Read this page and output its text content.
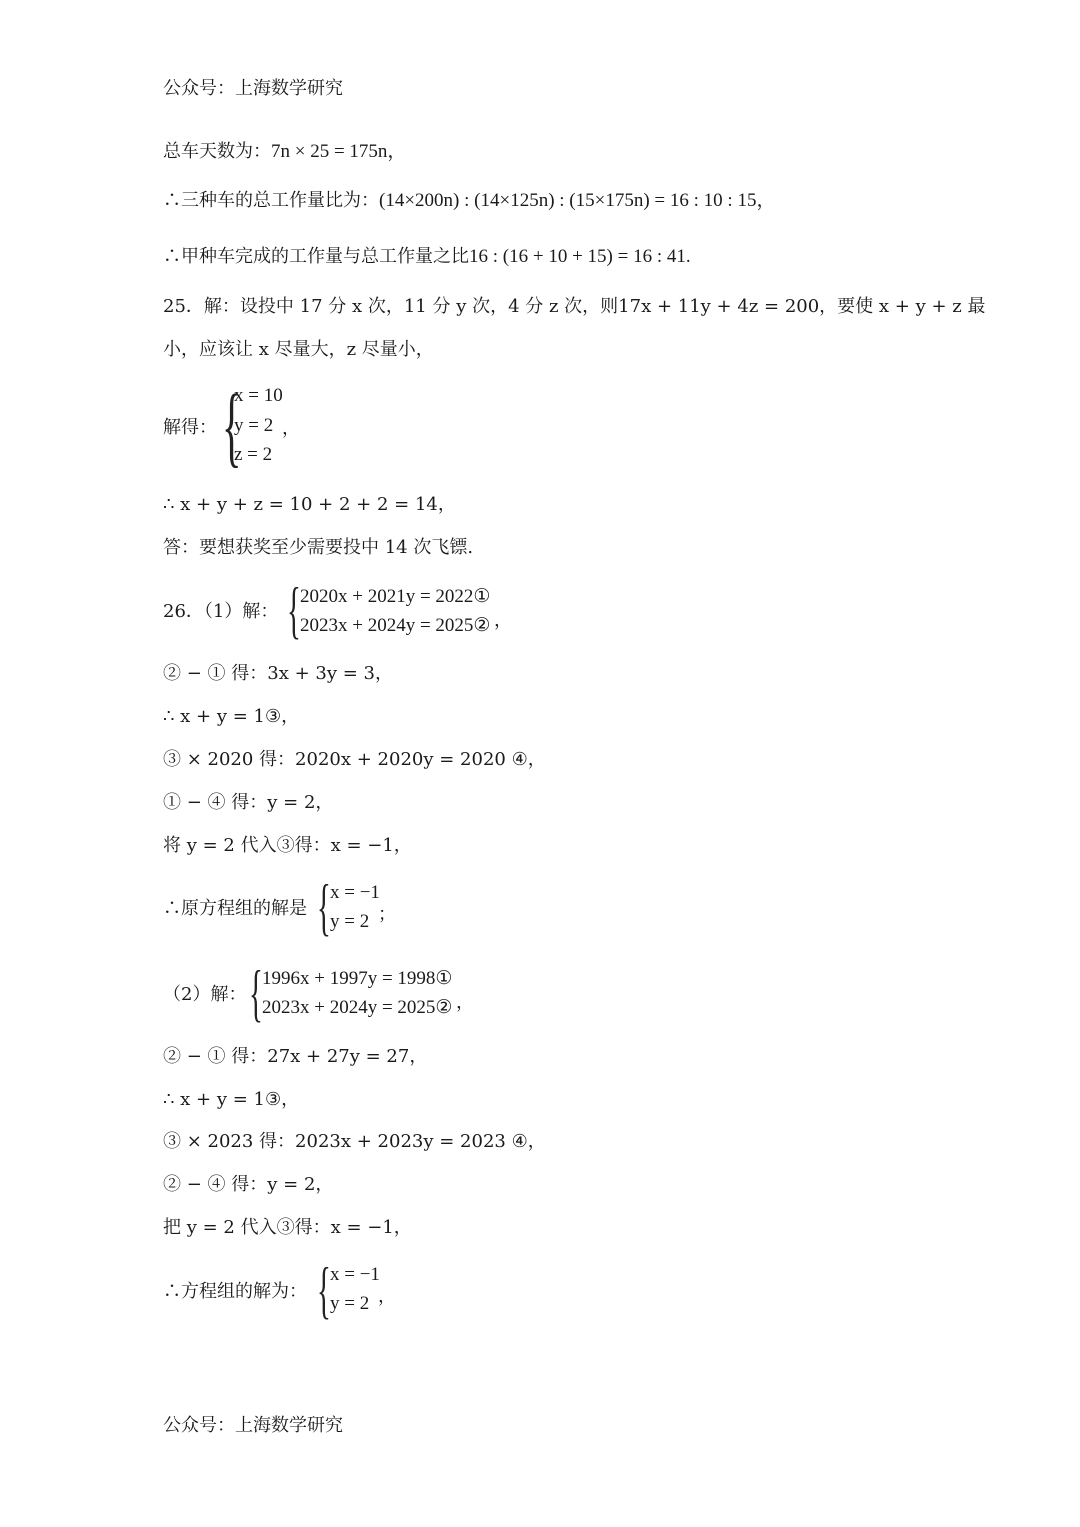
公众号：上海数学研究
总车天数为：7n × 25 = 175n，
∴三种车的总工作量比为：(14×200n) : (14×125n) : (15×175n) = 16 : 10 : 15，
∴甲种车完成的工作量与总工作量之比16 : (16 + 10 + 15) = 16 : 41.
25．解：设投中 17 分 x 次，11 分 y 次，4 分 z 次，则17x + 11y + 4z = 200，要使 x + y + z 最
小，应该让 x 尽量大，z 尽量小，
解得： {
x = 10
y = 2
z = 2
，
∴ x + y + z = 10 + 2 + 2 = 14，
答：要想获奖至少需要投中 14 次飞镖.
26．（1）解： { 2020x + 2021y = 2022①
2023x + 2024y = 2025② ，
② − ① 得：3x + 3y = 3，
∴ x + y = 1③，
③ × 2020 得：2020x + 2020y = 2020 ④，
① − ④ 得：y = 2，
将 y = 2 代入③得：x = −1，
∴原方程组的解是 { x = −1
y = 2 ；
（2）解： { 1996x + 1997y = 1998①
2023x + 2024y = 2025② ，
② − ① 得：27x + 27y = 27，
∴ x + y = 1③，
③ × 2023 得：2023x + 2023y = 2023 ④，
② − ④ 得：y = 2，
把 y = 2 代入③得：x = −1，
∴方程组的解为： { x = −1
y = 2 ，
公众号：上海数学研究
